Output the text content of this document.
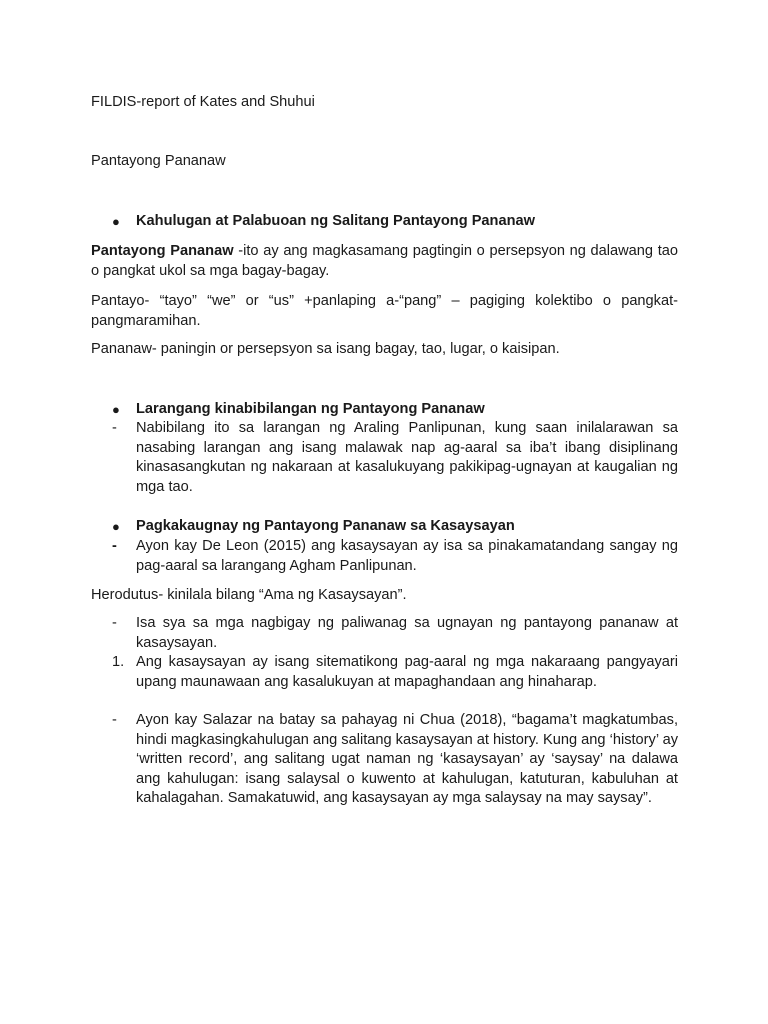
FILDIS-report of Kates and Shuhui
Pantayong Pananaw
● Kahulugan at Palabuoan ng Salitang Pantayong Pananaw
Pantayong Pananaw -ito ay ang magkasamang pagtingin o persepsyon ng dalawang tao o pangkat ukol sa mga bagay-bagay.
Pantayo- “tayo” “we” or “us” +panlaping a-“pang” – pagiging kolektibo o pangkat-pangmaramihan.
Pananaw- paningin or persepsyon sa isang bagay, tao, lugar, o kaisipan.
● Larangang kinabibilangan ng Pantayong Pananaw
- Nabibilang ito sa larangan ng Araling Panlipunan, kung saan inilalarawan sa nasabing larangan ang isang malawak nap ag-aaral sa iba’t ibang disiplinang kinasasangkutan ng nakaraan at kasalukuyang pakikipag-ugnayan at kaugalian ng mga tao.
● Pagkakaugnay ng Pantayong Pananaw sa Kasaysayan
- Ayon kay De Leon (2015) ang kasaysayan ay isa sa pinakamatandang sangay ng pag-aaral sa larangang Agham Panlipunan.
Herodutus- kinilala bilang “Ama ng Kasaysayan”.
- Isa sya sa mga nagbigay ng paliwanag sa ugnayan ng pantayong pananaw at kasaysayan.
1. Ang kasaysayan ay isang sitematikong pag-aaral ng mga nakaraang pangyayari upang maunawaan ang kasalukuyan at mapaghandaan ang hinaharap.
- Ayon kay Salazar na batay sa pahayag ni Chua (2018), “bagama’t magkatumbas, hindi magkasingkahulugan ang salitang kasaysayan at history. Kung ang ‘history’ ay ‘written record’, ang salitang ugat naman ng ‘kasaysayan’ ay ‘saysay’ na dalawa ang kahulugan: isang salaysal o kuwento at kahulugan, katuturan, kabuluhan at kahalagahan. Samakatuwid, ang kasaysayan ay mga salaysay na may saysay”.
